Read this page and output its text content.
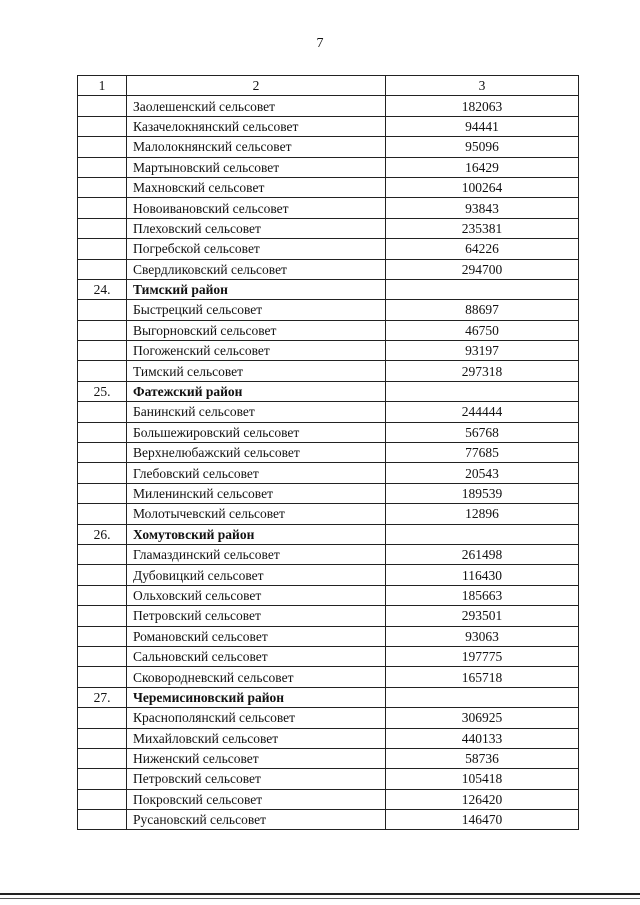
7
1	2	3
	Заолешенский сельсовет	182063
	Казачелокнянский сельсовет	94441
	Малолокнянский сельсовет	95096
	Мартыновский сельсовет	16429
	Махновский сельсовет	100264
	Новоивановский сельсовет	93843
	Плеховский сельсовет	235381
	Погребской сельсовет	64226
	Свердликовский сельсовет	294700
24.	Тимский район	
	Быстрецкий сельсовет	88697
	Выгорновский сельсовет	46750
	Погоженский сельсовет	93197
	Тимский сельсовет	297318
25.	Фатежский район	
	Банинский сельсовет	244444
	Большежировский сельсовет	56768
	Верхнелюбажский сельсовет	77685
	Глебовский сельсовет	20543
	Миленинский сельсовет	189539
	Молотычевский сельсовет	12896
26.	Хомутовский район	
	Гламаздинский сельсовет	261498
	Дубовицкий сельсовет	116430
	Ольховский сельсовет	185663
	Петровский сельсовет	293501
	Романовский сельсовет	93063
	Сальновский сельсовет	197775
	Сковородневский сельсовет	165718
27.	Черемисиновский район	
	Краснополянский сельсовет	306925
	Михайловский сельсовет	440133
	Ниженский сельсовет	58736
	Петровский сельсовет	105418
	Покровский сельсовет	126420
	Русановский сельсовет	146470
